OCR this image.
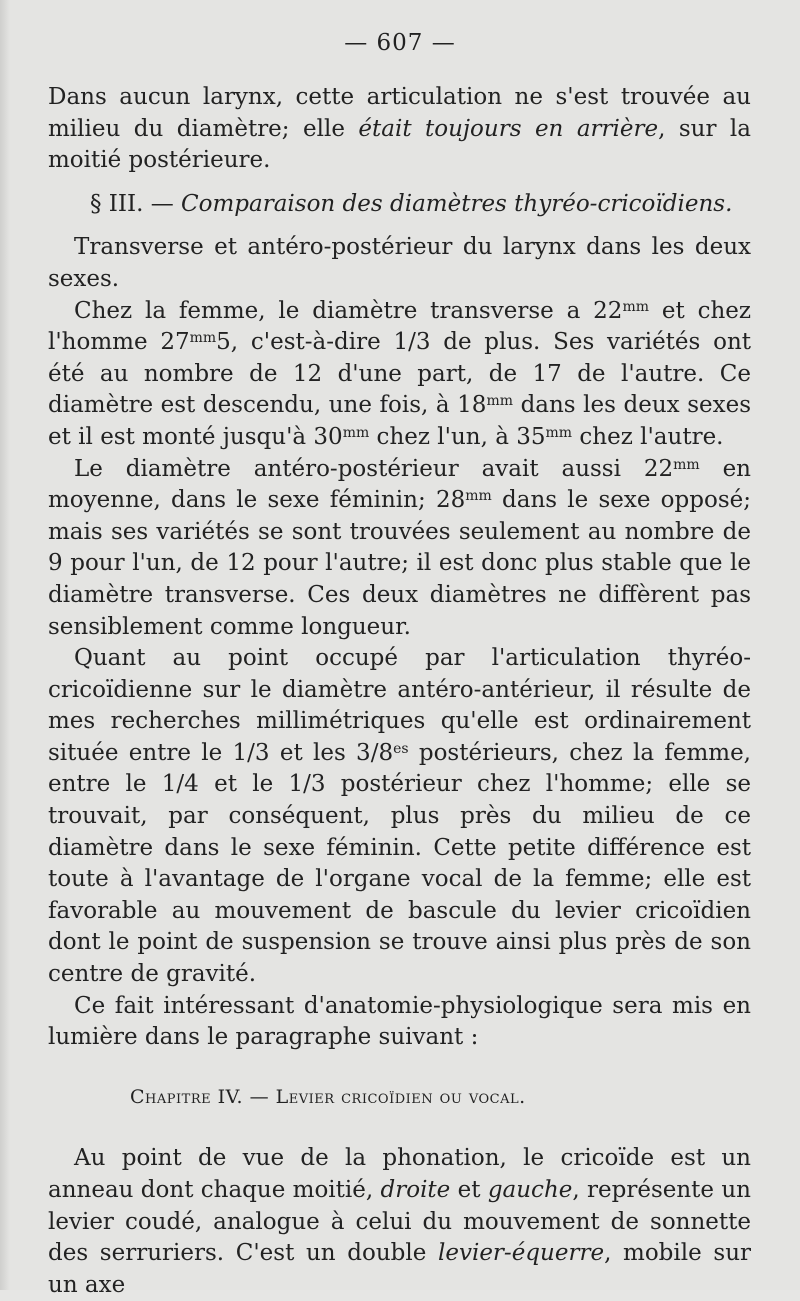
— 607 —

Dans aucun larynx, cette articulation ne s'est trouvée au milieu du diamètre; elle était toujours en arrière, sur la moitié postérieure.

§ III. — Comparaison des diamètres thyréo-cricoïdiens.

Transverse et antéro-postérieur du larynx dans les deux sexes.

Chez la femme, le diamètre transverse a $22^{mm}$ et chez l'homme $27^{mm}5$, c'est-à-dire 1/3 de plus. Ses variétés ont été au nombre de 12 d'une part, de 17 de l'autre. Ce diamètre est descendu, une fois, à $18^{mm}$ dans les deux sexes et il est monté jusqu'à $30^{mm}$ chez l'un, à $35^{mm}$ chez l'autre.

Le diamètre antéro-postérieur avait aussi $22^{mm}$ en moyenne, dans le sexe féminin; $28^{mm}$ dans le sexe opposé; mais ses variétés se sont trouvées seulement au nombre de 9 pour l'un, de 12 pour l'autre; il est donc plus stable que le diamètre transverse. Ces deux diamètres ne diffèrent pas sensiblement comme longueur.

Quant au point occupé par l'articulation thyréo-cricoïdienne sur le diamètre antéro-antérieur, il résulte de mes recherches millimétriques qu'elle est ordinairement située entre le 1/3 et les $3/8^{es}$ postérieurs, chez la femme, entre le 1/4 et le 1/3 postérieur chez l'homme; elle se trouvait, par conséquent, plus près du milieu de ce diamètre dans le sexe féminin. Cette petite différence est toute à l'avantage de l'organe vocal de la femme; elle est favorable au mouvement de bascule du levier cricoïdien dont le point de suspension se trouve ainsi plus près de son centre de gravité.

Ce fait intéressant d'anatomie-physiologique sera mis en lumière dans le paragraphe suivant :

Chapitre IV. — Levier cricoïdien ou vocal.

Au point de vue de la phonation, le cricoïde est un anneau dont chaque moitié, droite et gauche, représente un levier coudé, analogue à celui du mouvement de sonnette des serruriers. C'est un double levier-équerre, mobile sur un axe
